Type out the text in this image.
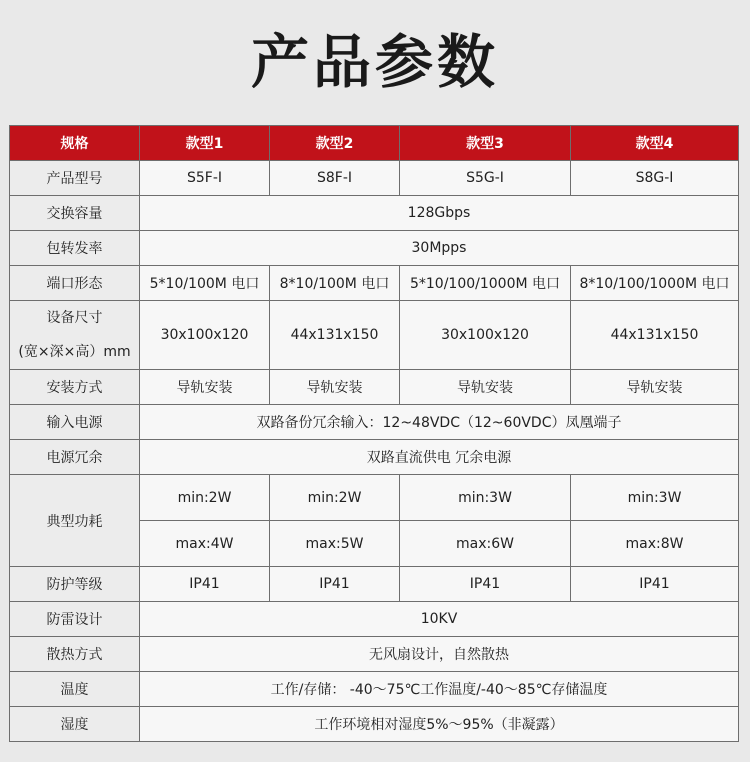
产品参数
规格	款型1	款型2	款型3	款型4
产品型号	S5F-I	S8F-I	S5G-I	S8G-I
交换容量	128Gbps			
包转发率	30Mpps			
端口形态	5*10/100M 电口	8*10/100M 电口	5*10/100/1000M 电口	8*10/100/1000M 电口

设备尺寸
(宽×深×高）mm	30x100x120	44x131x150	30x100x120	44x131x150
安装方式	导轨安装	导轨安装	导轨安装	导轨安装
输入电源	双路备份冗余输入：12~48VDC（12~60VDC）凤凰端子			
电源冗余	双路直流供电 冗余电源			
典型功耗	min:2W	min:2W	min:3W	min:3W
	max:4W	max:5W	max:6W	max:8W
防护等级	IP41	IP41	IP41	IP41
防雷设计	10KV			
散热方式	无风扇设计，自然散热			
温度	工作/存储： -40～75℃工作温度/-40～85℃存储温度			
湿度	工作环境相对湿度5%～95%（非凝露）			
